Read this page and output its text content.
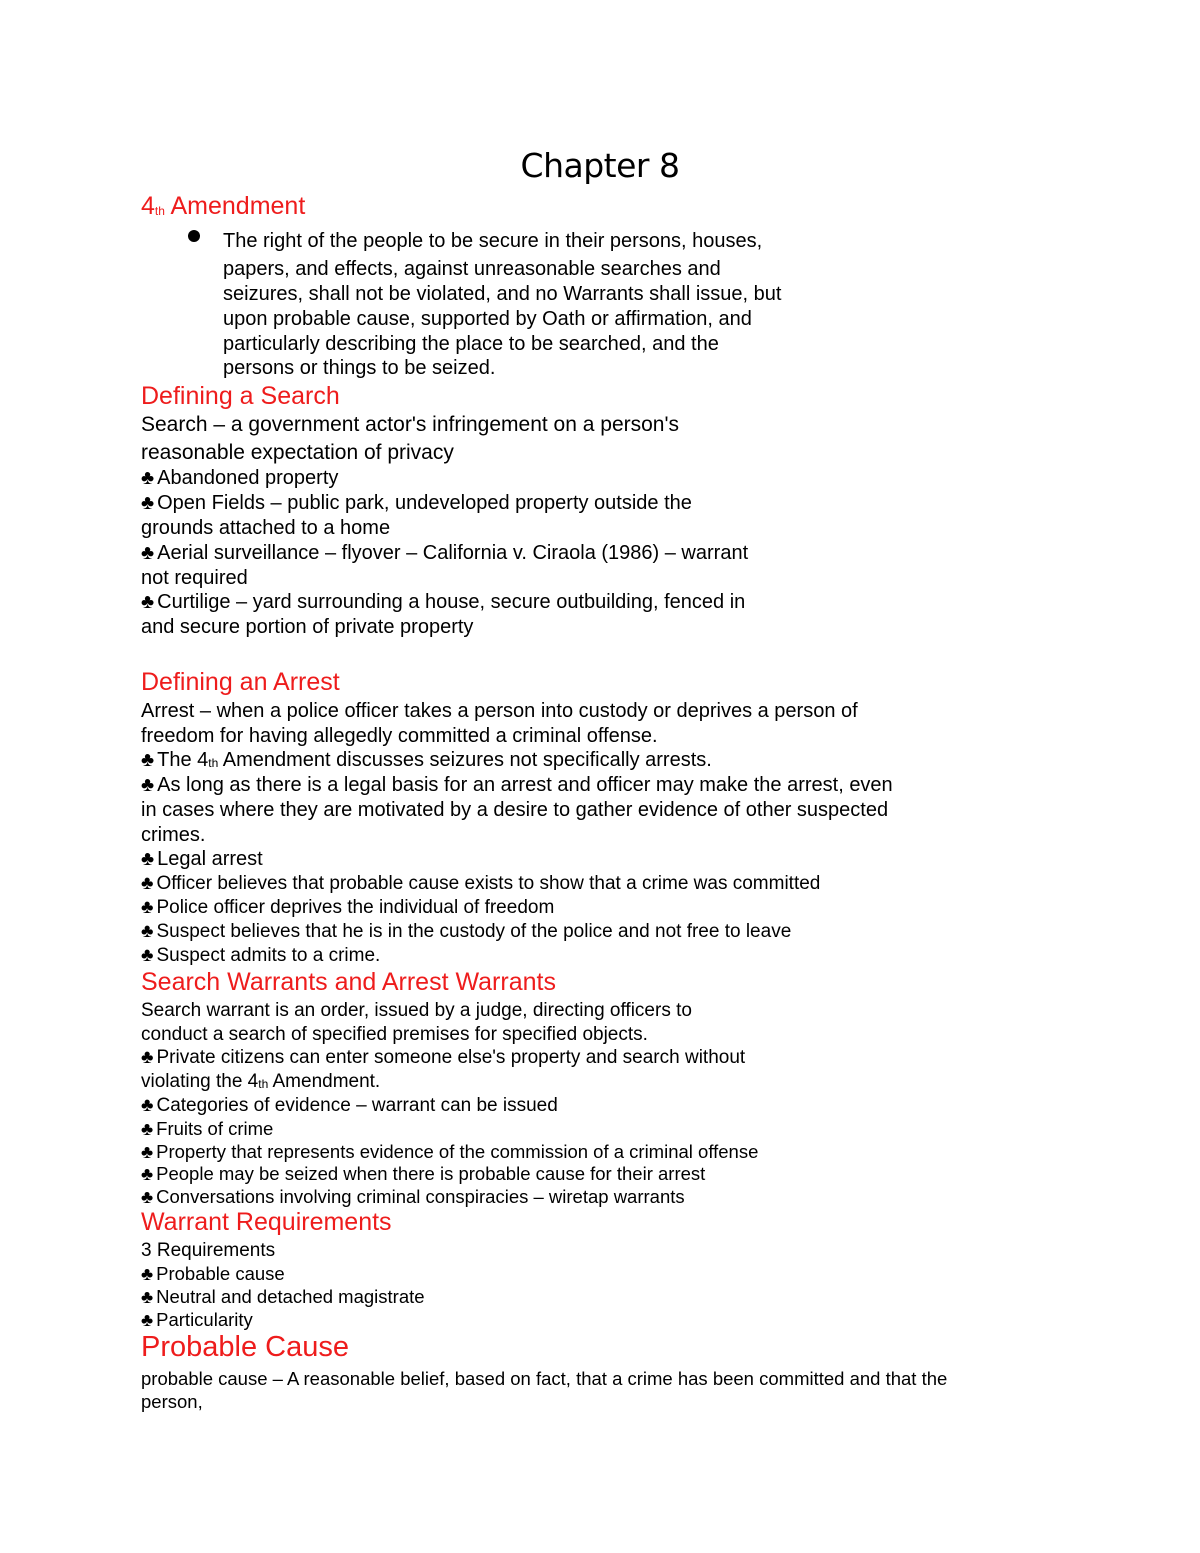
Chapter 8
4th Amendment
The right of the people to be secure in their persons, houses,
papers, and effects, against unreasonable searches and
seizures, shall not be violated, and no Warrants shall issue, but
upon probable cause, supported by Oath or affirmation, and
particularly describing the place to be searched, and the
persons or things to be seized.
Defining a Search
Search – a government actor's infringement on a person's
reasonable expectation of privacy
♣ Abandoned property
♣ Open Fields – public park, undeveloped property outside the
grounds attached to a home
♣ Aerial surveillance – flyover – California v. Ciraola (1986) – warrant
not required
♣ Curtilige – yard surrounding a house, secure outbuilding, fenced in
and secure portion of private property
Defining an Arrest
Arrest – when a police officer takes a person into custody or deprives a person of
freedom for having allegedly committed a criminal offense.
♣ The 4th Amendment discusses seizures not specifically arrests.
♣ As long as there is a legal basis for an arrest and officer may make the arrest, even
in cases where they are motivated by a desire to gather evidence of other suspected
crimes.
♣ Legal arrest
♣ Officer believes that probable cause exists to show that a crime was committed
♣ Police officer deprives the individual of freedom
♣ Suspect believes that he is in the custody of the police and not free to leave
♣ Suspect admits to a crime.
Search Warrants and Arrest Warrants
Search warrant is an order, issued by a judge, directing officers to
conduct a search of specified premises for specified objects.
♣ Private citizens can enter someone else's property and search without
violating the 4th Amendment.
♣ Categories of evidence – warrant can be issued
♣ Fruits of crime
♣ Property that represents evidence of the commission of a criminal offense
♣ People may be seized when there is probable cause for their arrest
♣ Conversations involving criminal conspiracies – wiretap warrants
Warrant Requirements
3 Requirements
♣ Probable cause
♣ Neutral and detached magistrate
♣ Particularity
Probable Cause
probable cause – A reasonable belief, based on fact, that a crime has been committed and that the
person,
